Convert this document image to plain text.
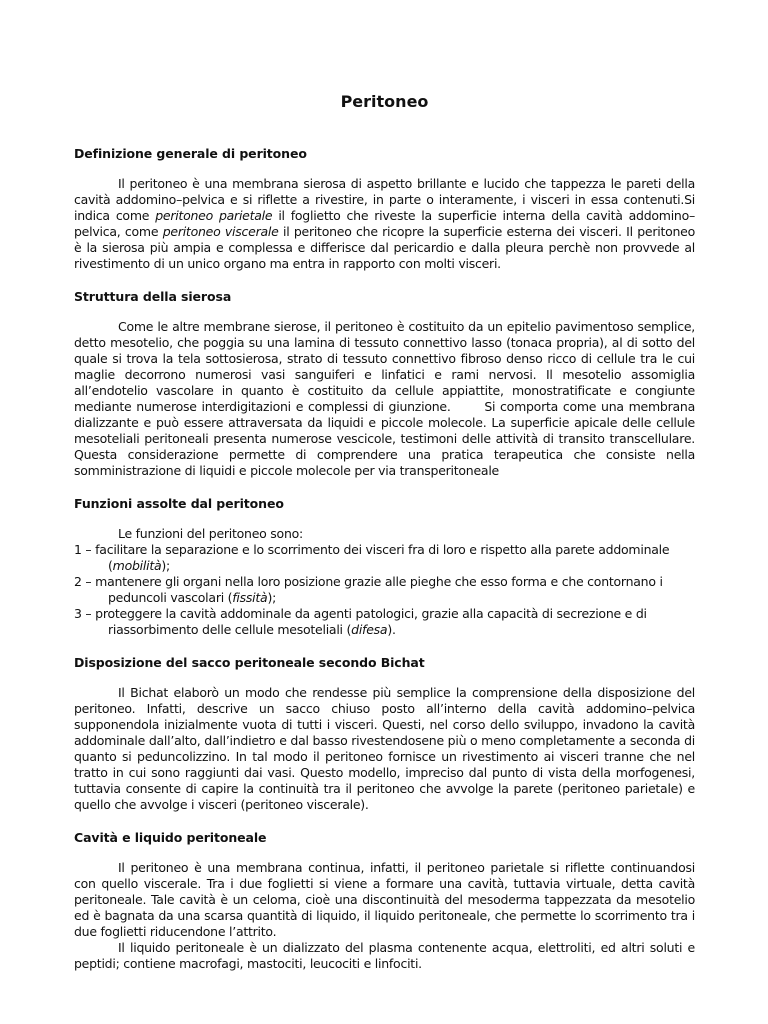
Peritoneo
Definizione generale di peritoneo

Il peritoneo è una membrana sierosa di aspetto brillante e lucido che tappezza le pareti della cavità addomino–pelvica e si riflette a rivestire, in parte o interamente, i visceri in essa contenuti.Si indica come peritoneo parietale il foglietto che riveste la superficie interna della cavità addomino–pelvica, come peritoneo viscerale il peritoneo che ricopre la superficie esterna dei visceri. Il peritoneo è la sierosa più ampia e complessa e differisce dal pericardio e dalla pleura perchè non provvede al rivestimento di un unico organo ma entra in rapporto con molti visceri.

Struttura della sierosa

Come le altre membrane sierose, il peritoneo è costituito da un epitelio pavimentoso semplice, detto mesotelio, che poggia su una lamina di tessuto connettivo lasso (tonaca propria), al di sotto del quale si trova la tela sottosierosa, strato di tessuto connettivo fibroso denso ricco di cellule tra le cui maglie decorrono numerosi vasi sanguiferi e linfatici e rami nervosi. Il mesotelio assomiglia all’endotelio vascolare in quanto è costituito da cellule appiattite, monostratificate e congiunte mediante numerose interdigitazioni e complessi di giunzione.       Si comporta come una membrana dializzante e può essere attraversata da liquidi e piccole molecole. La superficie apicale delle cellule mesoteliali peritoneali presenta numerose vescicole, testimoni delle attività di transito transcellulare. Questa considerazione permette di comprendere una pratica terapeutica che consiste nella somministrazione di liquidi e piccole molecole per via transperitoneale

Funzioni assolte dal peritoneo

Le funzioni del peritoneo sono:

1 – facilitare la separazione e lo scorrimento dei visceri fra di loro e rispetto alla parete addominale (mobilità);
2 – mantenere gli organi nella loro posizione grazie alle pieghe che esso forma e che contornano i peduncoli vascolari (fissità);
3 – proteggere la cavità addominale da agenti patologici, grazie alla capacità di secrezione e di riassorbimento delle cellule mesoteliali (difesa).
Disposizione del sacco peritoneale secondo Bichat

Il Bichat elaborò un modo che rendesse più semplice la comprensione della disposizione del peritoneo. Infatti, descrive un sacco chiuso posto all’interno della cavità addomino–pelvica supponendola inizialmente vuota di tutti i visceri. Questi, nel corso dello sviluppo, invadono la cavità addominale dall’alto, dall’indietro e dal basso rivestendosene più o meno completamente a seconda di quanto si peduncolizzino. In tal modo il peritoneo fornisce un rivestimento ai visceri tranne che nel tratto in cui sono raggiunti dai vasi. Questo modello, impreciso dal punto di vista della morfogenesi, tuttavia consente di capire la continuità tra il peritoneo che avvolge la parete (peritoneo parietale) e quello che avvolge i visceri (peritoneo viscerale).

Cavità e liquido peritoneale

Il peritoneo è una membrana continua, infatti, il peritoneo parietale si riflette continuandosi con quello viscerale. Tra i due foglietti si viene a formare una cavità, tuttavia virtuale, detta cavità peritoneale. Tale cavità è un celoma, cioè una discontinuità del mesoderma tappezzata da mesotelio ed è bagnata da una scarsa quantità di liquido, il liquido peritoneale, che permette lo scorrimento tra i due foglietti riducendone l’attrito.

Il liquido peritoneale è un dializzato del plasma contenente acqua, elettroliti, ed altri soluti e peptidi; contiene macrofagi, mastociti, leucociti e linfociti.
